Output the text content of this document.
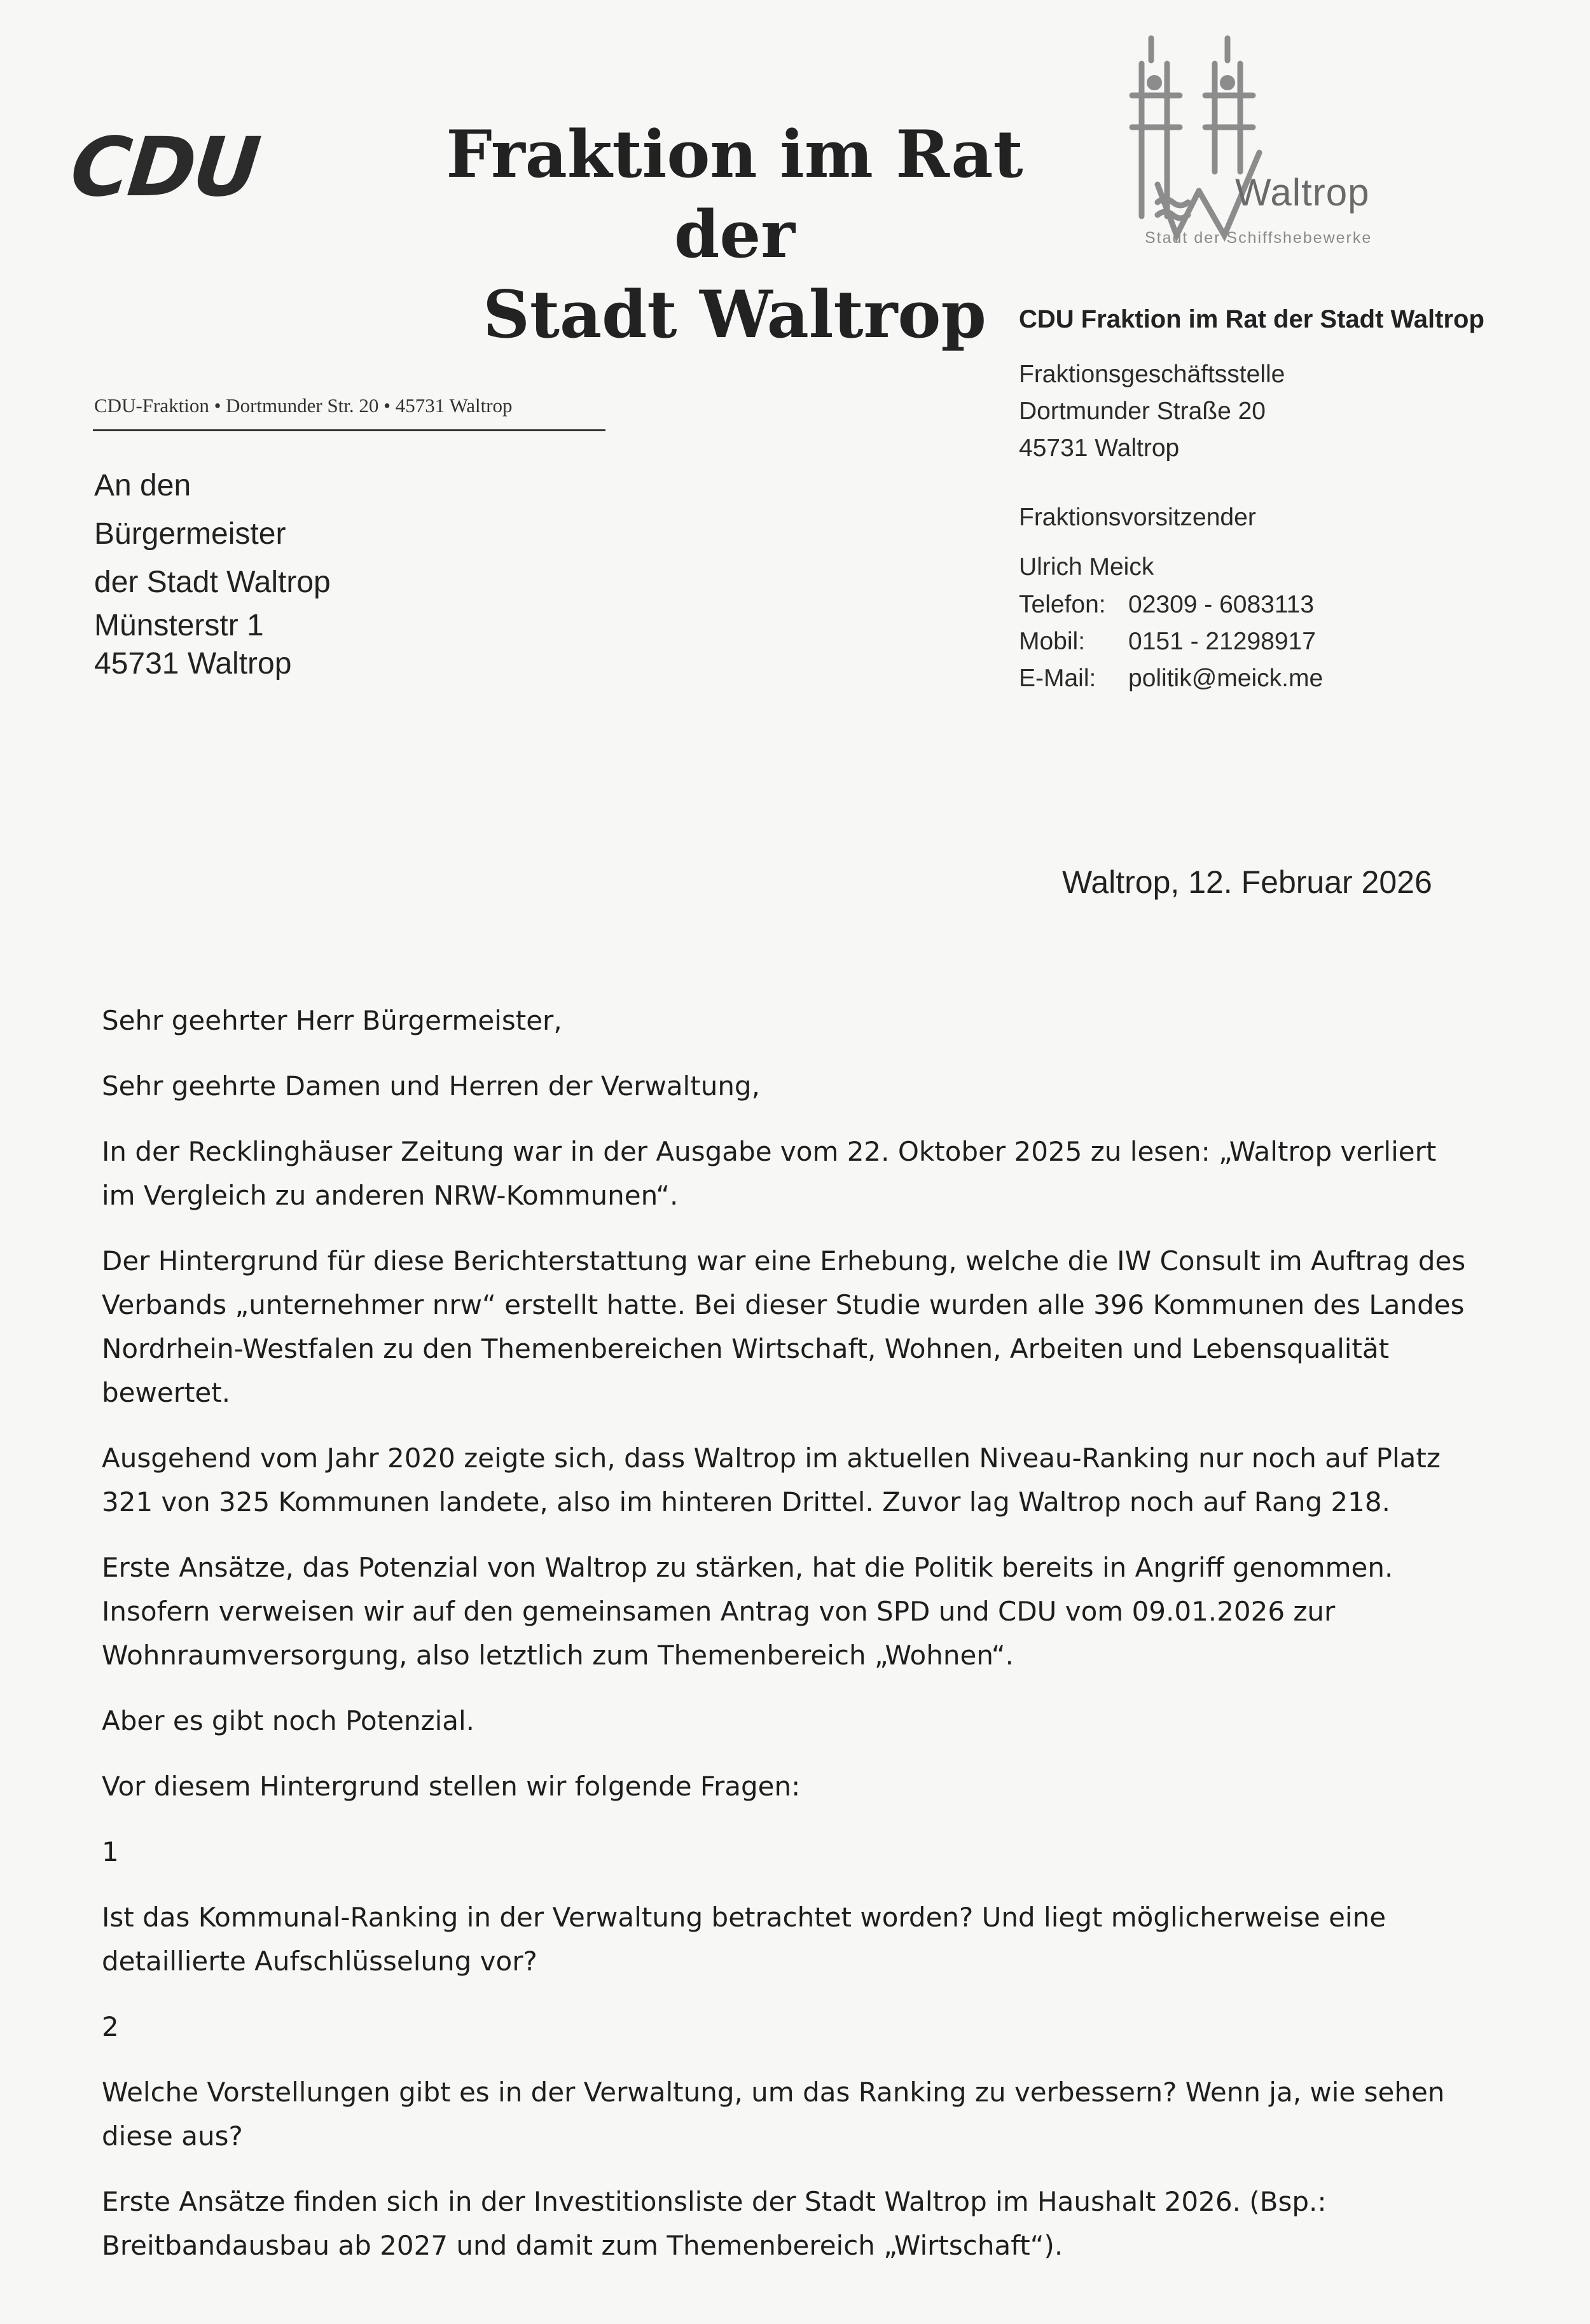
CDU	Fraktion im Rat der
Stadt Waltrop
Waltrop
Stadt der Schiffshebewerke
CDU Fraktion im Rat der Stadt Waltrop
Fraktionsgeschäftsstelle
Dortmunder Straße 20
45731 Waltrop
Fraktionsvorsitzender
Ulrich Meick
Telefon: 02309 - 6083113
Mobil: 0151 - 21298917
E-Mail: politik@meick.me
CDU-Fraktion • Dortmunder Str. 20 • 45731 Waltrop
An den
Bürgermeister
der Stadt Waltrop
Münsterstr 1
45731 Waltrop
Waltrop, 12. Februar 2026

Sehr geehrter Herr Bürgermeister,

Sehr geehrte Damen und Herren der Verwaltung,

In der Recklinghäuser Zeitung war in der Ausgabe vom 22. Oktober 2025 zu lesen: „Waltrop verliert im Vergleich zu anderen NRW-Kommunen“.

Der Hintergrund für diese Berichterstattung war eine Erhebung, welche die IW Consult im Auftrag des Verbands „unternehmer nrw“ erstellt hatte. Bei dieser Studie wurden alle 396 Kommunen des Landes Nordrhein-Westfalen zu den Themenbereichen Wirtschaft, Wohnen, Arbeiten und Lebensqualität bewertet.

Ausgehend vom Jahr 2020 zeigte sich, dass Waltrop im aktuellen Niveau-Ranking nur noch auf Platz 321 von 325 Kommunen landete, also im hinteren Drittel. Zuvor lag Waltrop noch auf Rang 218.

Erste Ansätze, das Potenzial von Waltrop zu stärken, hat die Politik bereits in Angriff genommen. Insofern verweisen wir auf den gemeinsamen Antrag von SPD und CDU vom 09.01.2026 zur Wohnraumversorgung, also letztlich zum Themenbereich „Wohnen“.

Aber es gibt noch Potenzial.

Vor diesem Hintergrund stellen wir folgende Fragen:

1

Ist das Kommunal-Ranking in der Verwaltung betrachtet worden? Und liegt möglicherweise eine detaillierte Aufschlüsselung vor?

2

Welche Vorstellungen gibt es in der Verwaltung, um das Ranking zu verbessern? Wenn ja, wie sehen diese aus?

Erste Ansätze finden sich in der Investitionsliste der Stadt Waltrop im Haushalt 2026. (Bsp.: Breitbandausbau ab 2027 und damit zum Themenbereich „Wirtschaft“).
